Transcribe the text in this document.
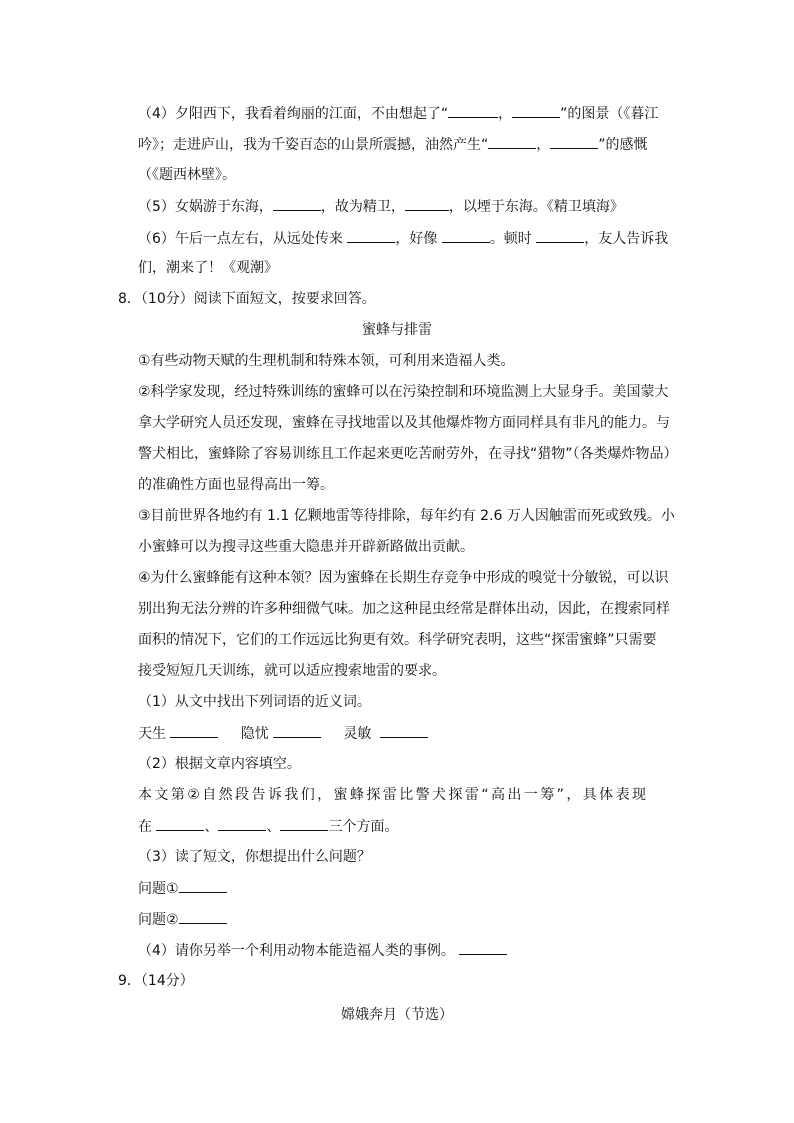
（4）夕阳西下，我看着绚丽的江面，不由想起了“	，	”的图景（《暮江
吟》；走进庐山，我为千姿百态的山景所震撼，油然产生“	，	”的感慨
（《题西林壁》。
（5）女娲游于东海，	，故为精卫，	，以堙于东海。《精卫填海》
（6）午后一点左右，从远处传来	，好像	。顿时	，友人告诉我
们，潮来了！《观潮》
8．（10分）阅读下面短文，按要求回答。
蜜蜂与排雷
①有些动物天赋的生理机制和特殊本领，可利用来造福人类。
②科学家发现，经过特殊训练的蜜蜂可以在污染控制和环境监测上大显身手。美国蒙大
拿大学研究人员还发现，蜜蜂在寻找地雷以及其他爆炸物方面同样具有非凡的能力。与
警犬相比，蜜蜂除了容易训练且工作起来更吃苦耐劳外，在寻找“猎物”（各类爆炸物品）
的准确性方面也显得高出一筹。
③目前世界各地约有 1.1 亿颗地雷等待排除，每年约有 2.6 万人因触雷而死或致残。小
小蜜蜂可以为搜寻这些重大隐患并开辟新路做出贡献。
④为什么蜜蜂能有这种本领？因为蜜蜂在长期生存竞争中形成的嗅觉十分敏锐，可以识
别出狗无法分辨的许多种细微气味。加之这种昆虫经常是群体出动，因此，在搜索同样
面积的情况下，它们的工作远远比狗更有效。科学研究表明，这些“探雷蜜蜂”只需要
接受短短几天训练，就可以适应搜索地雷的要求。
（1）从文中找出下列词语的近义词。
天生	隐忧	灵敏
（2）根据文章内容填空。
本文第②自然段告诉我们，蜜蜂探雷比警犬探雷“高出一筹”，具体表现
在	、	、	三个方面。
（3）读了短文，你想提出什么问题？
问题①
问题②
（4）请你另举一个利用动物本能造福人类的事例。
9．（14分）
嫦娥奔月（节选）
